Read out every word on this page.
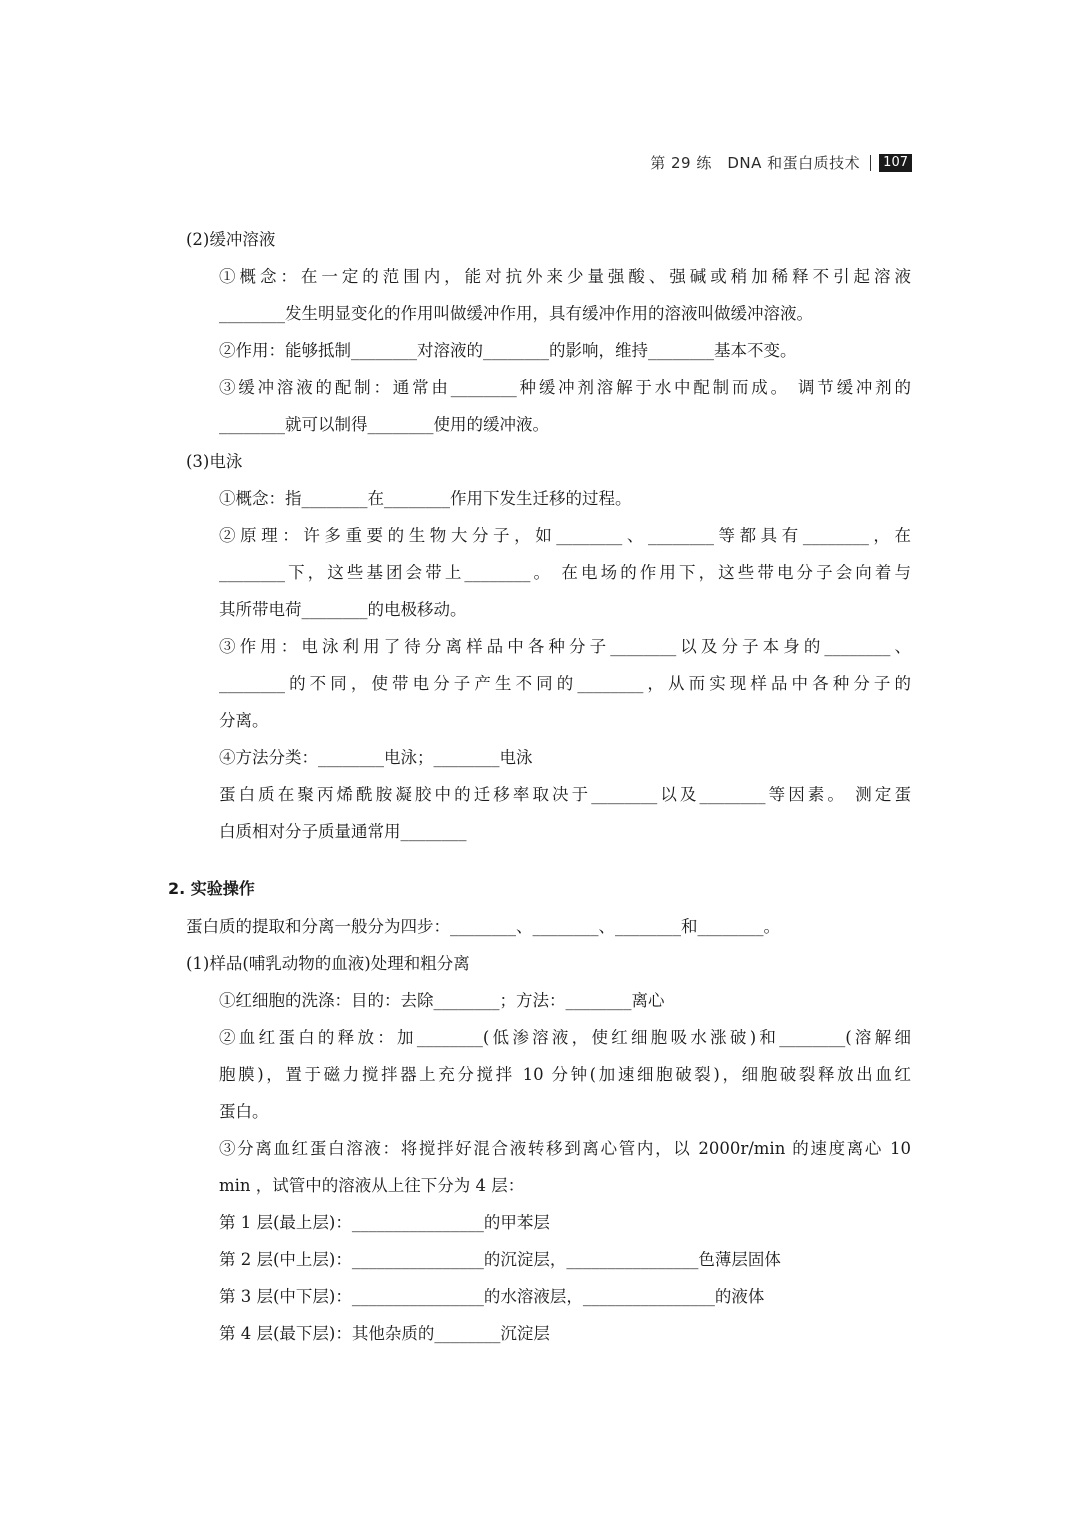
第 29 练　DNA 和蛋白质技术	107
(2)缓冲溶液
①概念：在一定的范围内，能对抗外来少量强酸、强碱或稍加稀释不引起溶液
________发生明显变化的作用叫做缓冲作用，具有缓冲作用的溶液叫做缓冲溶液。
②作用：能够抵制________对溶液的________的影响，维持________基本不变。
③缓冲溶液的配制：通常由________种缓冲剂溶解于水中配制而成。 调节缓冲剂的
________就可以制得________使用的缓冲液。
(3)电泳
①概念：指________在________作用下发生迁移的过程。
②原理：许多重要的生物大分子，如________、________等都具有________，在
________下，这些基团会带上________。 在电场的作用下，这些带电分子会向着与
其所带电荷________的电极移动。
③作用：电泳利用了待分离样品中各种分子________以及分子本身的________、
________的不同，使带电分子产生不同的________，从而实现样品中各种分子的
分离。
④方法分类：________电泳；________电泳
蛋白质在聚丙烯酰胺凝胶中的迁移率取决于________以及________等因素。 测定蛋
白质相对分子质量通常用________
2. 实验操作
蛋白质的提取和分离一般分为四步：________、________、________和________。
(1)样品(哺乳动物的血液)处理和粗分离
①红细胞的洗涤：目的：去除________；方法：________离心
②血红蛋白的释放：加________(低渗溶液，使红细胞吸水涨破)和________(溶解细
胞膜)，置于磁力搅拌器上充分搅拌 10 分钟(加速细胞破裂)，细胞破裂释放出血红
蛋白。
③分离血红蛋白溶液：将搅拌好混合液转移到离心管内，以 2000r/min 的速度离心 10
min ，试管中的溶液从上往下分为 4 层：
第 1 层(最上层)：________________的甲苯层
第 2 层(中上层)：________________的沉淀层，________________色薄层固体
第 3 层(中下层)：________________的水溶液层，________________的液体
第 4 层(最下层)：其他杂质的________沉淀层
